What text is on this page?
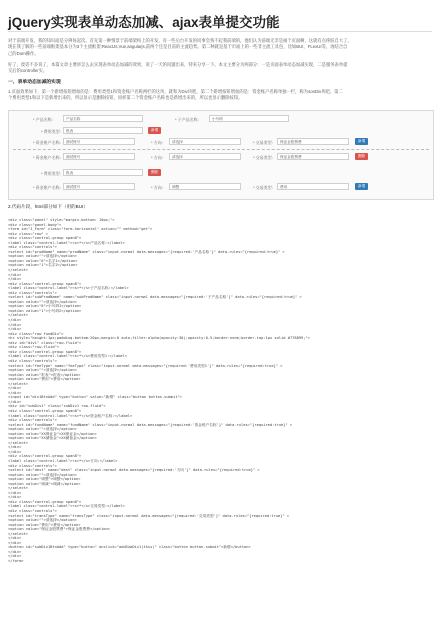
jQuery实现表单动态加减、ajax表单提交功能
对于前端开发，我的知识面是分辨每起次。首先第一种情景于前端架构上的开发，有一些后台开发的同事会熟不起我前端的，他们认为前端无非是画个页面啊，这就有点疼脏自大了。
现在我了解的一些前端框架基本分为3个主流框架:ReactJs,Vue,angularjs,前两个还是目前的主流趋势。第二种就是基于市面上的一些非主流工具包，比如BUI，FLexUI等，再结合自
己的Dom操作。
好了，废话不多说了，本篇文章主要讲怎么去实现表单动态加减的效果，说了一天的问题出来，特来分享一下。本文主要分为两部分：一是页面表单动态加减实现，二是服务表单提
交后的controller实。
一、表单动态加减的实现
1.页面效果如下，第一个新增按钮增加的是：费用类型1和资金账户名称两栏的这块，就和为Div块吧，第二个新增按钮增加的是：资金账户名称单独一栏，称为sonDiv块吧。第二
个费用类型1和以下是新增出来的，所以显示是删除按钮，同样第二个资金账户名称也是新增出来的，所以也显示删除按钮。
* 产品名称:	产品名称	* 子产品名称:	小号码
* 费用类型:	报表	新增
* 资金账户名称:	测试账号	* 方向:	请选择	* 交易类型:	保证金股票费	新增
* 资金账户名称:	测试账号	* 方向:	请选择	* 交易类型:	保证金股票费	删除
* 费用类型:	报表	删除
* 资金账户名称:	测试账号	* 方向:	调整	* 交易类型:	费用	新增
2.代码片段，html部分如下（用的BUI）
<div class="panel" style="margin-bottom: 10px;">
<div class="panel-body">
<form id="J_Form" class="form-horizontal" action="" method="get">
<div class="row" >
<div class="control-group span8">
<label class="control-label"><s>*</s>产品名称:</label>
<div class="controls">
<select id="prodName" name="prodName" class="input-normal data-messages="{required:'产品名称'}" data-rules="{required:true}" >
<option value="">请选择</option>
<option value="0">名字1</option>
<option value="1">名字2</option>
</select>
</div>
</div>
<div class="control-group span8">
<label class="control-label"><s>*</s>子产品名称:</label>
<div class="controls">
<select id="subProdName" name="subProdName" class="input-normal data-messages="{required:'子产品名称'}" data-rules="{required:true}" >
<option value="">请选择</option>
<option value="0">小号码1</option>
<option value="1">小号码2</option>
</select>
</div>
</div>
</div>
<div class="row fundDiv">
<hr style="height:1px;padding-bottom:20px;margin:0 auto;filter:alpha(opacity:30);opacity:0.5;border:none;border-top:1px solid #778899;">
<div id="div1" class="row-fluid">
<div class="row-fluid">
<div class="control-group span8">
<label class="control-label"><s>*</s>费用类型1:</label>
<div class="controls">
<select id="feeType" name="feeType" class="input-normal data-messages="{required:'费用类型1'}" data-rules="{required:true}" >
<option value="">请选择</option>
<option value="报表">报表</option>
<option value="费用">费用</option>
</select>
</div>
</div>
<input id="div1BtnAdd" type="button" value="新增" class="button button-submit">
</div>
<div id="subDiv1" class="subDiv1 row-fluid">
<div class="control-group span8">
<label class="control-label"><s>*</s>资金账户名称:</label>
<div class="controls">
<select id="fundName" name="fundName" class="input-normal data-messages="{required:'资金账户名称'}" data-rules="{required:true}" >
<option value="">请选择</option>
<option value="XX保证金">XX保证金</option>
<option value="XX储备金">XX储备金</option>
</select>
</div>
</div>
<div class="control-group span8">
<label class="control-label"><s>*</s>方向:</label>
<div class="controls">
<select id="dest" name="dest" class="input-normal data-messages="{required:'方向'}" data-rules="{required:true}" >
<option value="">请选择</option>
<option value="调整">调整</option>
<option value="调减">调减</option>
</select>
</div>
</div>
<div class="control-group span8">
<label class="control-label"><s>*</s>交易类型:</label>
<div class="controls">
<select id="transType" name="transType" class="input-normal data-messages="{required:'交易类型'}" data-rules="{required:true}" >
<option value="">请选择</option>
<option value="费用">费用</option>
<option value="保证金股票费">保证金股票费</option>
</select>
</div>
</div>
<button id="subDiv1BtnAdd" type="button" onclick="addSubDiv1(this)" class="button button-submit">新增</button>
</div>
</div>
</form>
